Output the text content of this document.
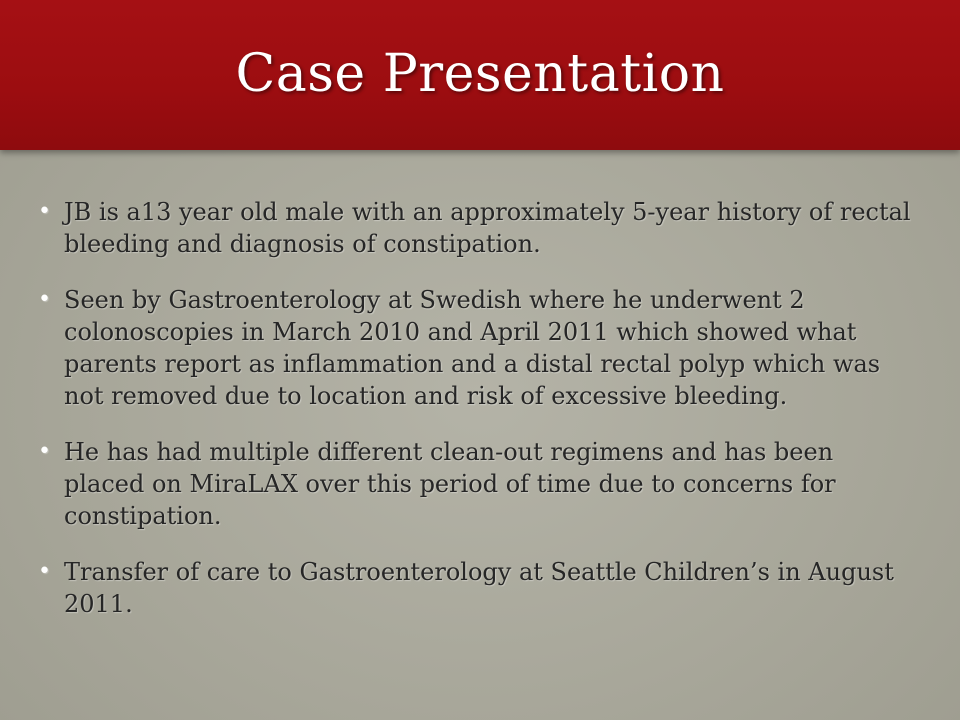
Case Presentation
• JB is a13 year old male with an approximately 5-year history of rectal bleeding and diagnosis of constipation.
• Seen by Gastroenterology at Swedish where he underwent 2 colonoscopies in March 2010 and April 2011 which showed what parents report as inflammation and a distal rectal polyp which was not removed due to location and risk of excessive bleeding.
• He has had multiple different clean-out regimens and has been placed on MiraLAX over this period of time due to concerns for constipation.
• Transfer of care to Gastroenterology at Seattle Children’s in August 2011.
